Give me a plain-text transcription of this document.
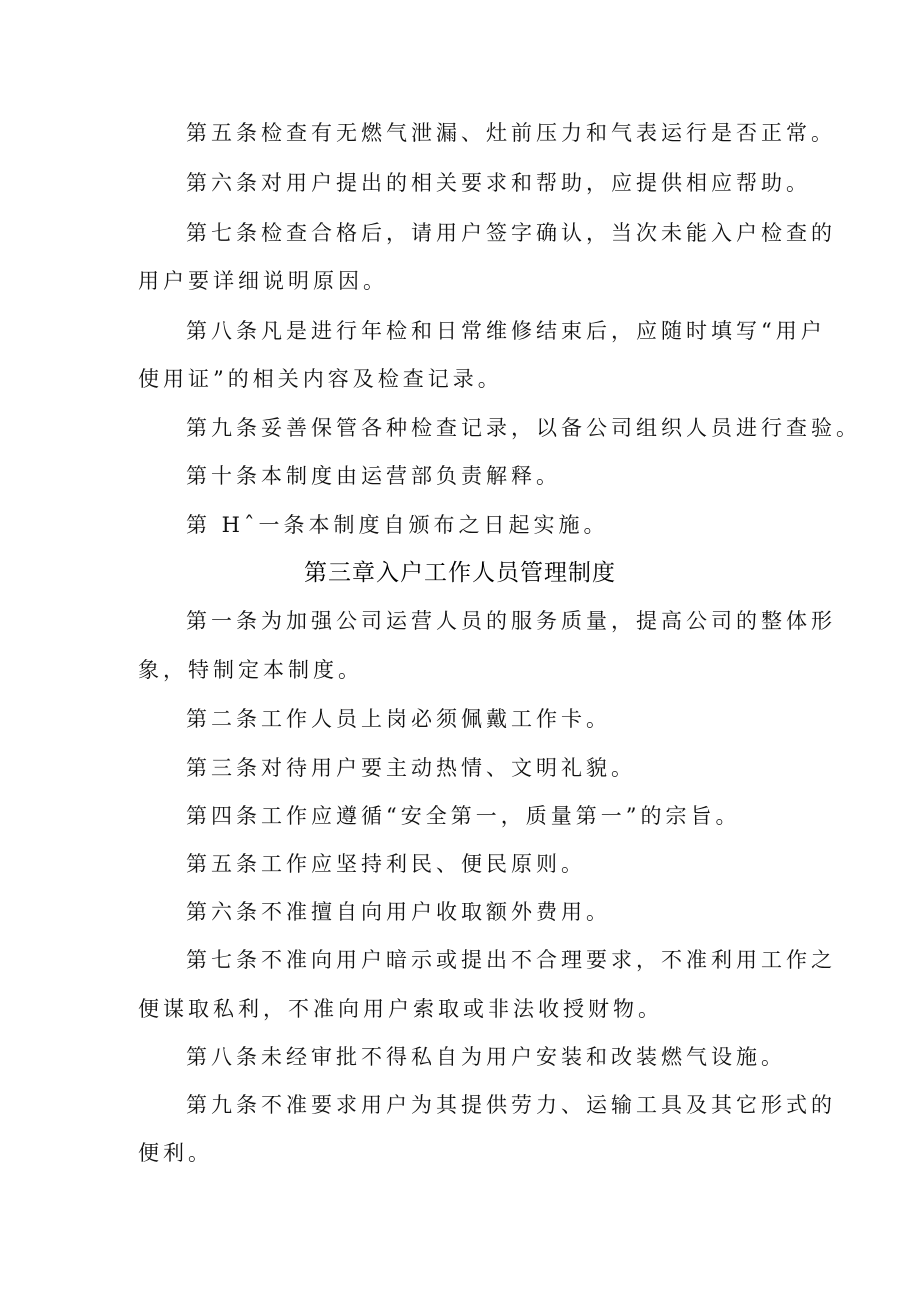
第五条检查有无燃气泄漏、灶前压力和气表运行是否正常。
第六条对用户提出的相关要求和帮助，应提供相应帮助。
第七条检查合格后，请用户签字确认，当次未能入户检查的
用户要详细说明原因。
第八条凡是进行年检和日常维修结束后，应随时填写“用户
使用证”的相关内容及检查记录。
第九条妥善保管各种检查记录，以备公司组织人员进行查验。
第十条本制度由运营部负责解释。
第 Hˆ一条本制度自颁布之日起实施。
第三章入户工作人员管理制度
第一条为加强公司运营人员的服务质量，提高公司的整体形
象，特制定本制度。
第二条工作人员上岗必须佩戴工作卡。
第三条对待用户要主动热情、文明礼貌。
第四条工作应遵循“安全第一，质量第一”的宗旨。
第五条工作应坚持利民、便民原则。
第六条不准擅自向用户收取额外费用。
第七条不准向用户暗示或提出不合理要求，不准利用工作之
便谋取私利，不准向用户索取或非法收授财物。
第八条未经审批不得私自为用户安装和改装燃气设施。
第九条不准要求用户为其提供劳力、运输工具及其它形式的
便利。
